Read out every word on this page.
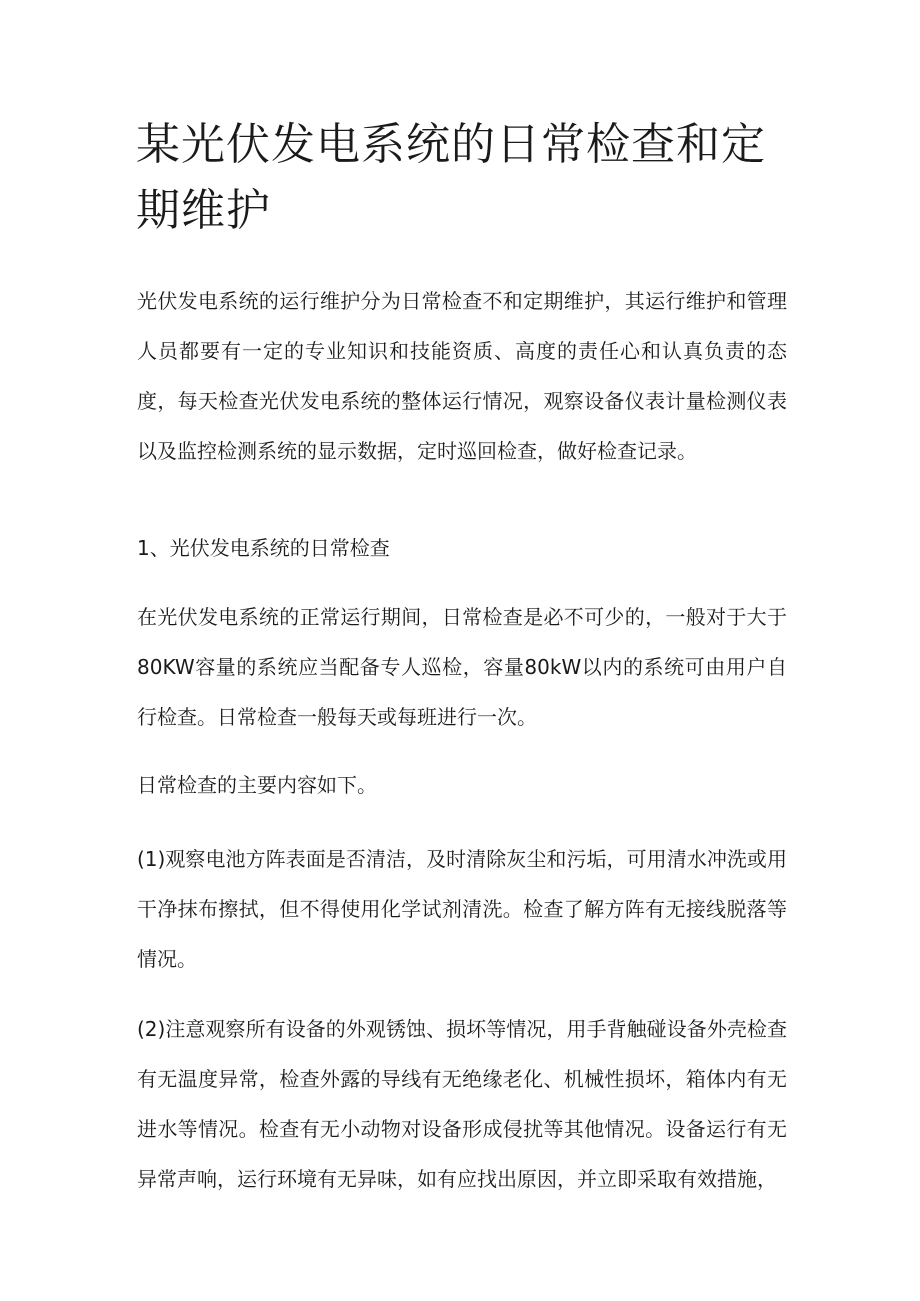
某光伏发电系统的日常检查和定期维护

光伏发电系统的运行维护分为日常检查不和定期维护，其运行维护和管理人员都要有一定的专业知识和技能资质、高度的责任心和认真负责的态度，每天检查光伏发电系统的整体运行情况，观察设备仪表计量检测仪表以及监控检测系统的显示数据，定时巡回检查，做好检查记录。

1、光伏发电系统的日常检查

在光伏发电系统的正常运行期间，日常检查是必不可少的，一般对于大于80KW容量的系统应当配备专人巡检，容量80kW以内的系统可由用户自行检查。日常检查一般每天或每班进行一次。

日常检查的主要内容如下。

(1)观察电池方阵表面是否清洁，及时清除灰尘和污垢，可用清水冲洗或用干净抹布擦拭，但不得使用化学试剂清洗。检查了解方阵有无接线脱落等情况。

(2)注意观察所有设备的外观锈蚀、损坏等情况，用手背触碰设备外壳检查有无温度异常，检查外露的导线有无绝缘老化、机械性损坏，箱体内有无进水等情况。检查有无小动物对设备形成侵扰等其他情况。设备运行有无异常声响，运行环境有无异味，如有应找出原因，并立即采取有效措施，
